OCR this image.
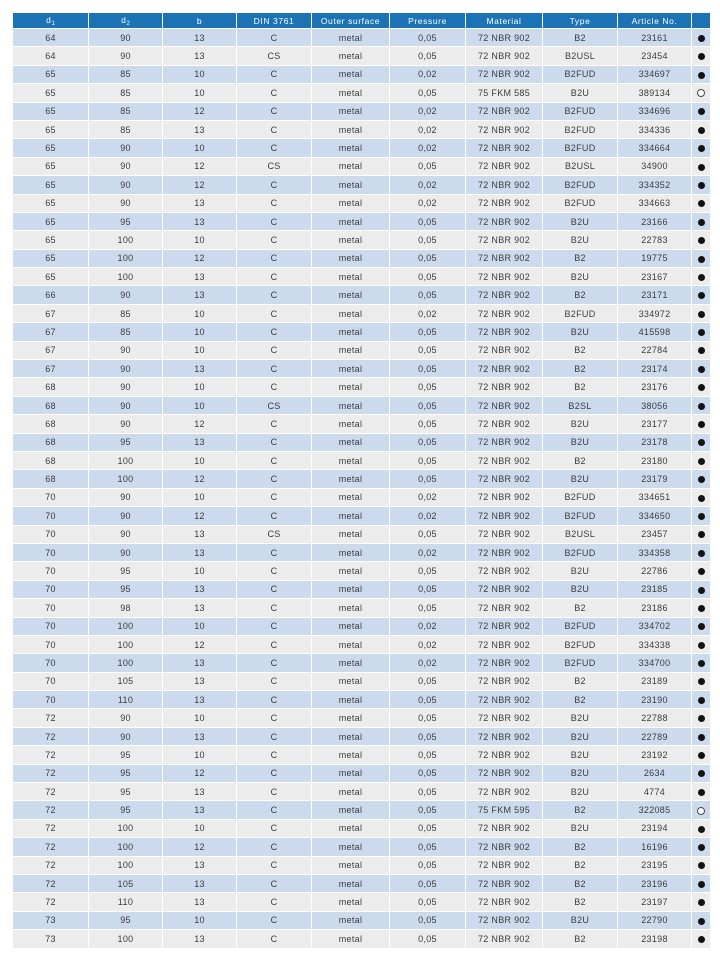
$d_1$	$d_2$	b	DIN 3761	Outer surface	Pressure	Material	Type	Article No.	
64	90	13	C	metal	0,05	72 NBR 902	B2	23161	
64	90	13	CS	metal	0,05	72 NBR 902	B2USL	23454	
65	85	10	C	metal	0,02	72 NBR 902	B2FUD	334697	
65	85	10	C	metal	0,05	75 FKM 585	B2U	389134	
65	85	12	C	metal	0,02	72 NBR 902	B2FUD	334696	
65	85	13	C	metal	0,02	72 NBR 902	B2FUD	334336	
65	90	10	C	metal	0,02	72 NBR 902	B2FUD	334664	
65	90	12	CS	metal	0,05	72 NBR 902	B2USL	34900	
65	90	12	C	metal	0,02	72 NBR 902	B2FUD	334352	
65	90	13	C	metal	0,02	72 NBR 902	B2FUD	334663	
65	95	13	C	metal	0,05	72 NBR 902	B2U	23166	
65	100	10	C	metal	0,05	72 NBR 902	B2U	22783	
65	100	12	C	metal	0,05	72 NBR 902	B2	19775	
65	100	13	C	metal	0,05	72 NBR 902	B2U	23167	
66	90	13	C	metal	0,05	72 NBR 902	B2	23171	
67	85	10	C	metal	0,02	72 NBR 902	B2FUD	334972	
67	85	10	C	metal	0,05	72 NBR 902	B2U	415598	
67	90	10	C	metal	0,05	72 NBR 902	B2	22784	
67	90	13	C	metal	0,05	72 NBR 902	B2	23174	
68	90	10	C	metal	0,05	72 NBR 902	B2	23176	
68	90	10	CS	metal	0,05	72 NBR 902	B2SL	38056	
68	90	12	C	metal	0,05	72 NBR 902	B2U	23177	
68	95	13	C	metal	0,05	72 NBR 902	B2U	23178	
68	100	10	C	metal	0,05	72 NBR 902	B2	23180	
68	100	12	C	metal	0,05	72 NBR 902	B2U	23179	
70	90	10	C	metal	0,02	72 NBR 902	B2FUD	334651	
70	90	12	C	metal	0,02	72 NBR 902	B2FUD	334650	
70	90	13	CS	metal	0,05	72 NBR 902	B2USL	23457	
70	90	13	C	metal	0,02	72 NBR 902	B2FUD	334358	
70	95	10	C	metal	0,05	72 NBR 902	B2U	22786	
70	95	13	C	metal	0,05	72 NBR 902	B2U	23185	
70	98	13	C	metal	0,05	72 NBR 902	B2	23186	
70	100	10	C	metal	0,02	72 NBR 902	B2FUD	334702	
70	100	12	C	metal	0,02	72 NBR 902	B2FUD	334338	
70	100	13	C	metal	0,02	72 NBR 902	B2FUD	334700	
70	105	13	C	metal	0,05	72 NBR 902	B2	23189	
70	110	13	C	metal	0,05	72 NBR 902	B2	23190	
72	90	10	C	metal	0,05	72 NBR 902	B2U	22788	
72	90	13	C	metal	0,05	72 NBR 902	B2U	22789	
72	95	10	C	metal	0,05	72 NBR 902	B2U	23192	
72	95	12	C	metal	0,05	72 NBR 902	B2U	2634	
72	95	13	C	metal	0,05	72 NBR 902	B2U	4774	
72	95	13	C	metal	0,05	75 FKM 595	B2	322085	
72	100	10	C	metal	0,05	72 NBR 902	B2U	23194	
72	100	12	C	metal	0,05	72 NBR 902	B2	16196	
72	100	13	C	metal	0,05	72 NBR 902	B2	23195	
72	105	13	C	metal	0,05	72 NBR 902	B2	23196	
72	110	13	C	metal	0,05	72 NBR 902	B2	23197	
73	95	10	C	metal	0,05	72 NBR 902	B2U	22790	
73	100	13	C	metal	0,05	72 NBR 902	B2	23198	
